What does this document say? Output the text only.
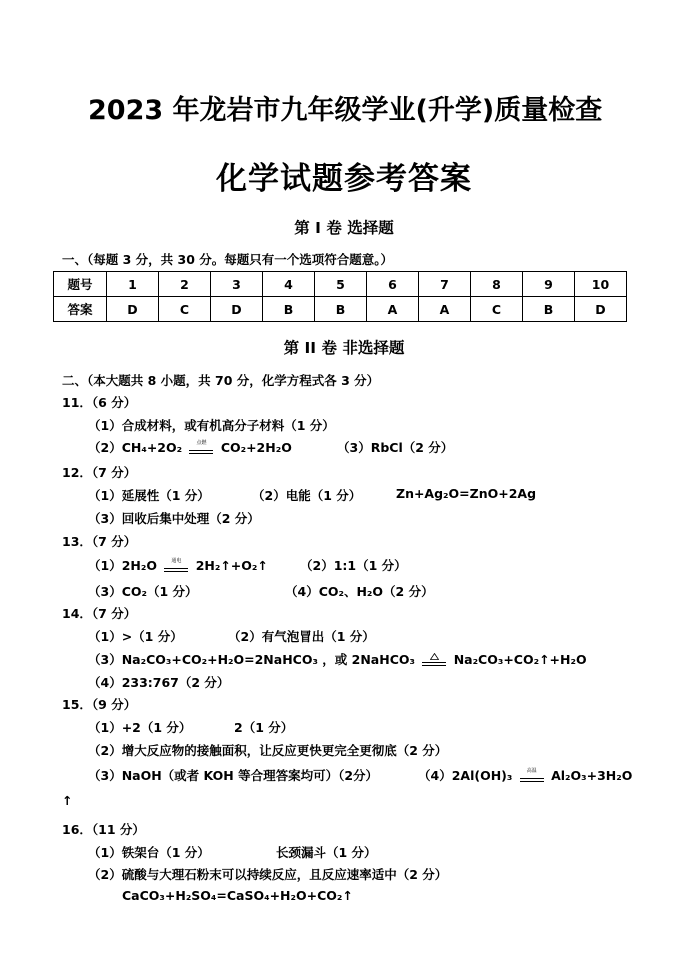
2023 年龙岩市九年级学业(升学)质量检查
化学试题参考答案
第 I 卷 选择题
一、（每题 3 分，共 30 分。每题只有一个选项符合题意。）
题号	1	2	3	4	5	6	7	8	9	10
答案	D	C	D	B	B	A	A	C	B	D
第 II 卷 非选择题
二、（本大题共 8 小题，共 70 分，化学方程式各 3 分）
11．（6 分）
（1）合成材料，或有机高分子材料（1 分）
（2）CH₄+2O₂	点燃	CO₂+2H₂O	（3）RbCl（2 分）
12．（7 分）
（1）延展性（1 分）	（2）电能（1 分）	Zn+Ag₂O=ZnO+2Ag
（3）回收后集中处理（2 分）
13．（7 分）
（1）2H₂O	通电	2H₂↑+O₂↑	（2）1:1（1 分）
（3）CO₂（1 分）	（4）CO₂、H₂O（2 分）
14．（7 分）
（1）>（1 分）	（2）有气泡冒出（1 分）
（3）Na₂CO₃+CO₂+H₂O=2NaHCO₃ ，或 2NaHCO₃	Na₂CO₃+CO₂↑+H₂O
（4）233:767（2 分）
15．（9 分）
（1）+2（1 分）	2（1 分）
（2）增大反应物的接触面积，让反应更快更完全更彻底（2 分）
（3）NaOH（或者 KOH 等合理答案均可）（2分）	（4）2Al(OH)₃	高温	Al₂O₃+3H₂O
↑
16．（11 分）
（1）铁架台（1 分）	长颈漏斗（1 分）
（2）硫酸与大理石粉末可以持续反应，且反应速率适中（2 分）
CaCO₃+H₂SO₄=CaSO₄+H₂O+CO₂↑
